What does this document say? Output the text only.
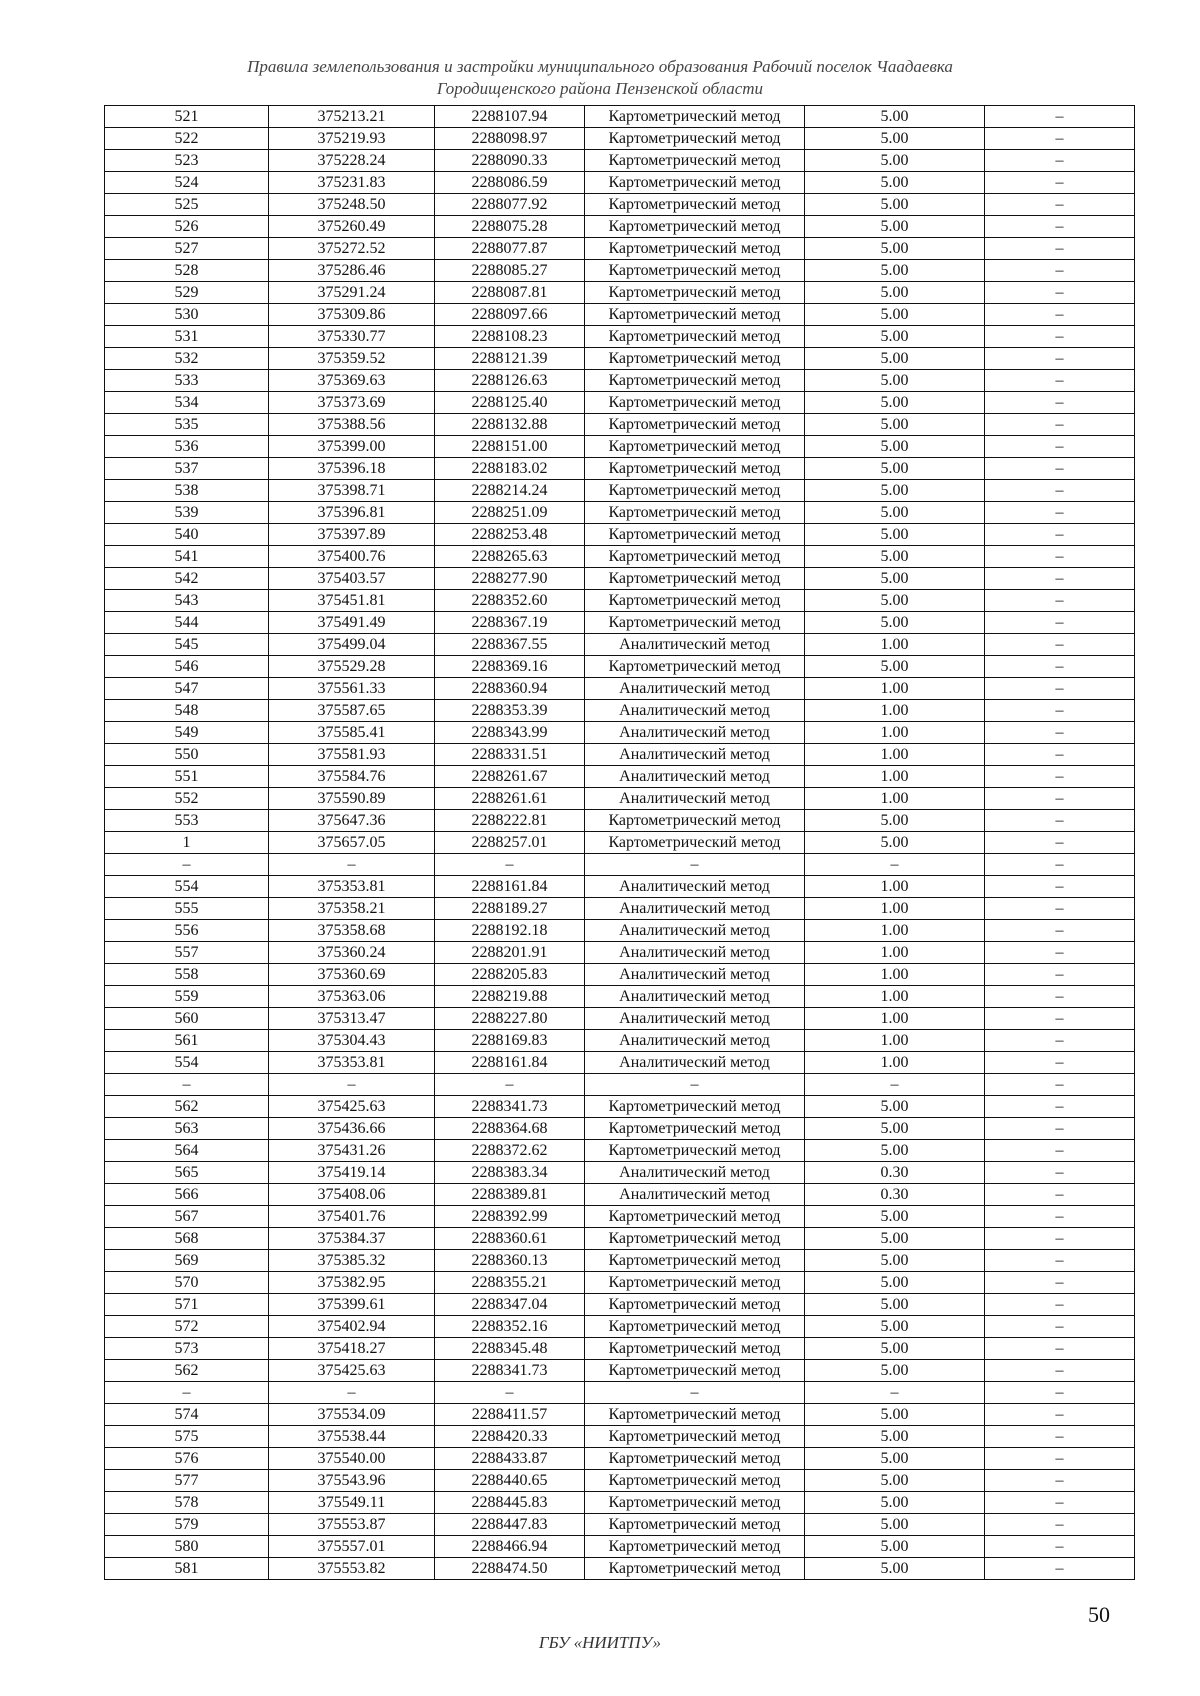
Правила землепользования и застройки муниципального образования Рабочий поселок Чаадаевка
Городищенского района Пензенской области
521	375213.21	2288107.94	Картометрический метод	5.00	–
522	375219.93	2288098.97	Картометрический метод	5.00	–
523	375228.24	2288090.33	Картометрический метод	5.00	–
524	375231.83	2288086.59	Картометрический метод	5.00	–
525	375248.50	2288077.92	Картометрический метод	5.00	–
526	375260.49	2288075.28	Картометрический метод	5.00	–
527	375272.52	2288077.87	Картометрический метод	5.00	–
528	375286.46	2288085.27	Картометрический метод	5.00	–
529	375291.24	2288087.81	Картометрический метод	5.00	–
530	375309.86	2288097.66	Картометрический метод	5.00	–
531	375330.77	2288108.23	Картометрический метод	5.00	–
532	375359.52	2288121.39	Картометрический метод	5.00	–
533	375369.63	2288126.63	Картометрический метод	5.00	–
534	375373.69	2288125.40	Картометрический метод	5.00	–
535	375388.56	2288132.88	Картометрический метод	5.00	–
536	375399.00	2288151.00	Картометрический метод	5.00	–
537	375396.18	2288183.02	Картометрический метод	5.00	–
538	375398.71	2288214.24	Картометрический метод	5.00	–
539	375396.81	2288251.09	Картометрический метод	5.00	–
540	375397.89	2288253.48	Картометрический метод	5.00	–
541	375400.76	2288265.63	Картометрический метод	5.00	–
542	375403.57	2288277.90	Картометрический метод	5.00	–
543	375451.81	2288352.60	Картометрический метод	5.00	–
544	375491.49	2288367.19	Картометрический метод	5.00	–
545	375499.04	2288367.55	Аналитический метод	1.00	–
546	375529.28	2288369.16	Картометрический метод	5.00	–
547	375561.33	2288360.94	Аналитический метод	1.00	–
548	375587.65	2288353.39	Аналитический метод	1.00	–
549	375585.41	2288343.99	Аналитический метод	1.00	–
550	375581.93	2288331.51	Аналитический метод	1.00	–
551	375584.76	2288261.67	Аналитический метод	1.00	–
552	375590.89	2288261.61	Аналитический метод	1.00	–
553	375647.36	2288222.81	Картометрический метод	5.00	–
1	375657.05	2288257.01	Картометрический метод	5.00	–
–	–	–	–	–	–
554	375353.81	2288161.84	Аналитический метод	1.00	–
555	375358.21	2288189.27	Аналитический метод	1.00	–
556	375358.68	2288192.18	Аналитический метод	1.00	–
557	375360.24	2288201.91	Аналитический метод	1.00	–
558	375360.69	2288205.83	Аналитический метод	1.00	–
559	375363.06	2288219.88	Аналитический метод	1.00	–
560	375313.47	2288227.80	Аналитический метод	1.00	–
561	375304.43	2288169.83	Аналитический метод	1.00	–
554	375353.81	2288161.84	Аналитический метод	1.00	–
–	–	–	–	–	–
562	375425.63	2288341.73	Картометрический метод	5.00	–
563	375436.66	2288364.68	Картометрический метод	5.00	–
564	375431.26	2288372.62	Картометрический метод	5.00	–
565	375419.14	2288383.34	Аналитический метод	0.30	–
566	375408.06	2288389.81	Аналитический метод	0.30	–
567	375401.76	2288392.99	Картометрический метод	5.00	–
568	375384.37	2288360.61	Картометрический метод	5.00	–
569	375385.32	2288360.13	Картометрический метод	5.00	–
570	375382.95	2288355.21	Картометрический метод	5.00	–
571	375399.61	2288347.04	Картометрический метод	5.00	–
572	375402.94	2288352.16	Картометрический метод	5.00	–
573	375418.27	2288345.48	Картометрический метод	5.00	–
562	375425.63	2288341.73	Картометрический метод	5.00	–
–	–	–	–	–	–
574	375534.09	2288411.57	Картометрический метод	5.00	–
575	375538.44	2288420.33	Картометрический метод	5.00	–
576	375540.00	2288433.87	Картометрический метод	5.00	–
577	375543.96	2288440.65	Картометрический метод	5.00	–
578	375549.11	2288445.83	Картометрический метод	5.00	–
579	375553.87	2288447.83	Картометрический метод	5.00	–
580	375557.01	2288466.94	Картометрический метод	5.00	–
581	375553.82	2288474.50	Картометрический метод	5.00	–
50
ГБУ «НИИТПУ»
